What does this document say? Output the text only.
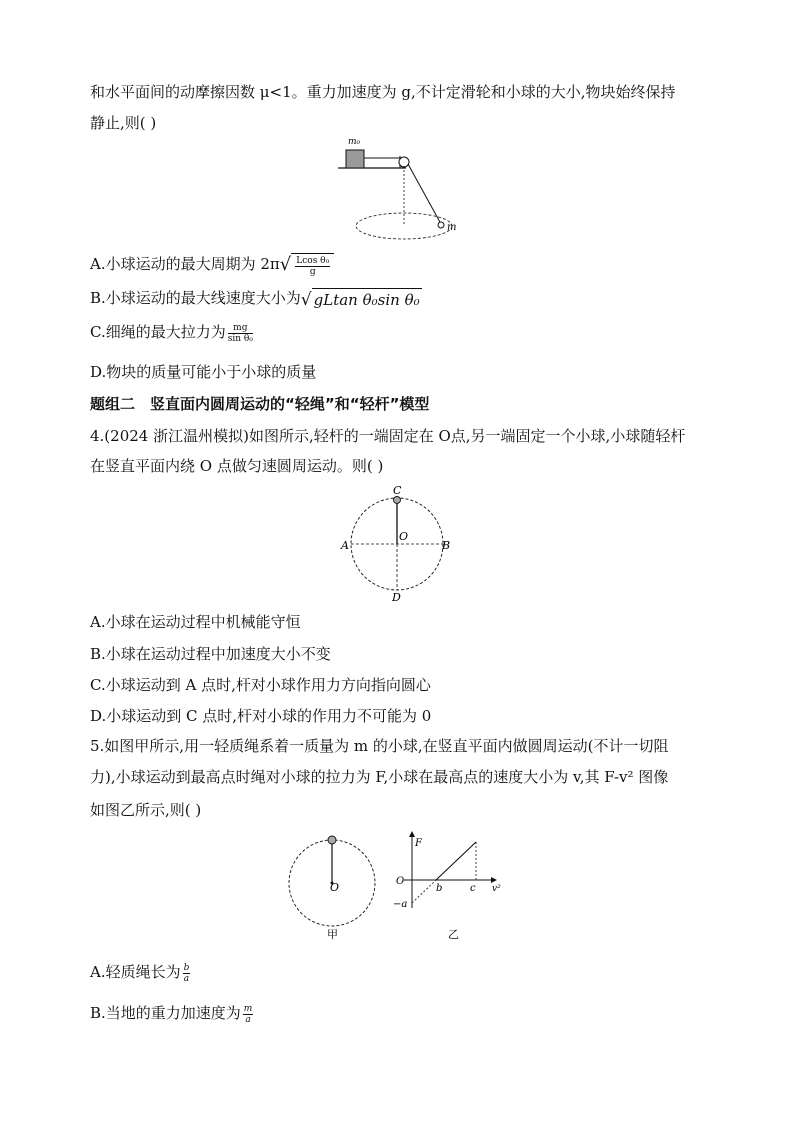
和水平面间的动摩擦因数 μ<1。重力加速度为 g,不计定滑轮和小球的大小,物块始终保持
静止,则( )
m₀
m
A.小球运动的最大周期为 $2\pi√ \frac{\text{Lcos θ₀}}{g}$
B.小球运动的最大线速度大小为√ gLtan θ₀sin θ₀
C.细绳的最大拉力为 $\frac{mg}{\text{sin θ₀}}$
D.物块的质量可能小于小球的质量
题组二　竖直面内圆周运动的“轻绳”和“轻杆”模型
4.(2024 浙江温州模拟)如图所示,轻杆的一端固定在 O点,另一端固定一个小球,小球随轻杆
在竖直平面内绕 O 点做匀速圆周运动。则( )
C
O
A	B
D
A.小球在运动过程中机械能守恒
B.小球在运动过程中加速度大小不变
C.小球运动到 A 点时,杆对小球作用力方向指向圆心
D.小球运动到 C 点时,杆对小球的作用力不可能为 0
5.如图甲所示,用一轻质绳系着一质量为 m 的小球,在竖直平面内做圆周运动(不计一切阻
力),小球运动到最高点时绳对小球的拉力为 F,小球在最高点的速度大小为 v,其 F-v² 图像
如图乙所示,则( )
O
甲
F
O
−a
b	c v²
乙
A.轻质绳长为 $\frac{b}{a}$
B.当地的重力加速度为 $\frac{m}{a}$
